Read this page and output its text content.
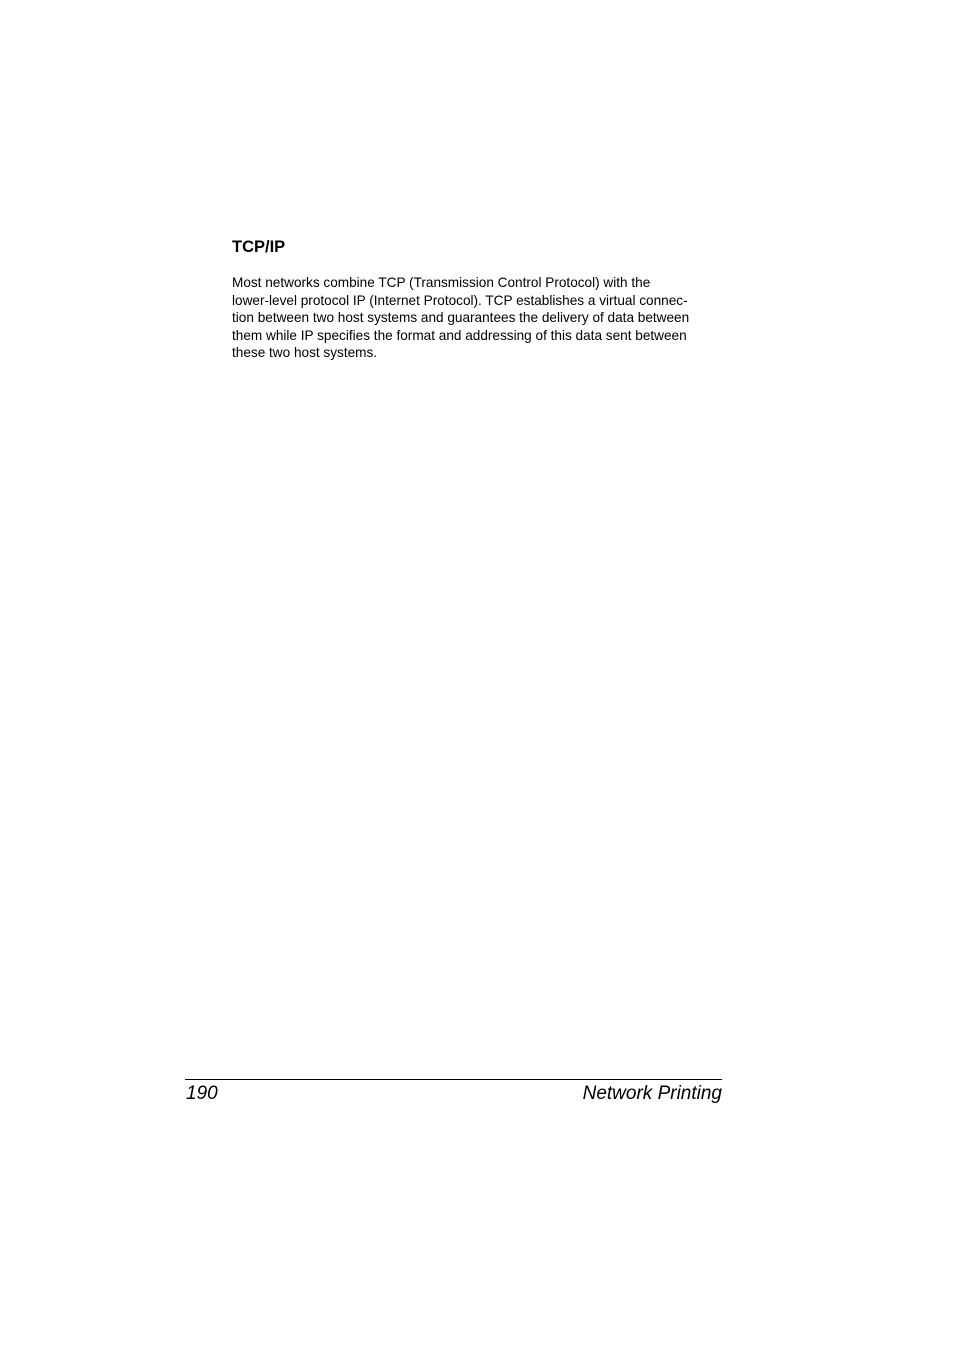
TCP/IP

Most networks combine TCP (Transmission Control Protocol) with the
lower-level protocol IP (Internet Protocol). TCP establishes a virtual connec-
tion between two host systems and guarantees the delivery of data between
them while IP specifies the format and addressing of this data sent between
these two host systems.

190	Network Printing
